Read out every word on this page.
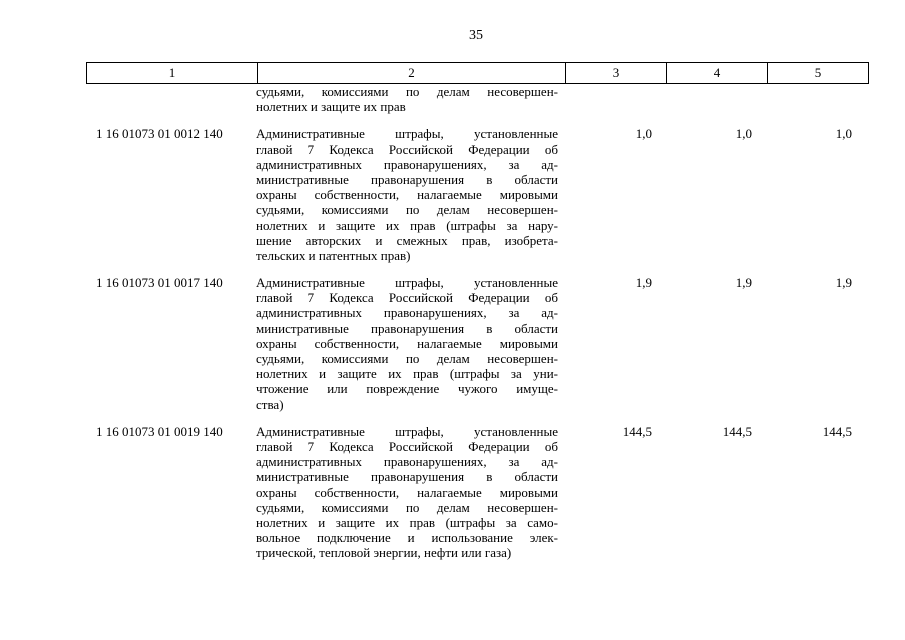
35
1	2	3	4	5
судьями, комиссиями по делам несовершен-
нолетних и защите их прав
1 16 01073 01 0012 140	Административные штрафы, установленные
главой 7 Кодекса Российской Федерации об
административных правонарушениях, за ад-
министративные правонарушения в области
охраны собственности, налагаемые мировыми
судьями, комиссиями по делам несовершен-
нолетних и защите их прав (штрафы за нару-
шение авторских и смежных прав, изобрета-
тельских и патентных прав)
1,0	1,0	1,0
1 16 01073 01 0017 140	Административные штрафы, установленные
главой 7 Кодекса Российской Федерации об
административных правонарушениях, за ад-
министративные правонарушения в области
охраны собственности, налагаемые мировыми
судьями, комиссиями по делам несовершен-
нолетних и защите их прав (штрафы за уни-
чтожение или повреждение чужого имуще-
ства)
1,9	1,9	1,9
1 16 01073 01 0019 140	Административные штрафы, установленные
главой 7 Кодекса Российской Федерации об
административных правонарушениях, за ад-
министративные правонарушения в области
охраны собственности, налагаемые мировыми
судьями, комиссиями по делам несовершен-
нолетних и защите их прав (штрафы за само-
вольное подключение и использование элек-
трической, тепловой энергии, нефти или газа)
144,5	144,5	144,5
